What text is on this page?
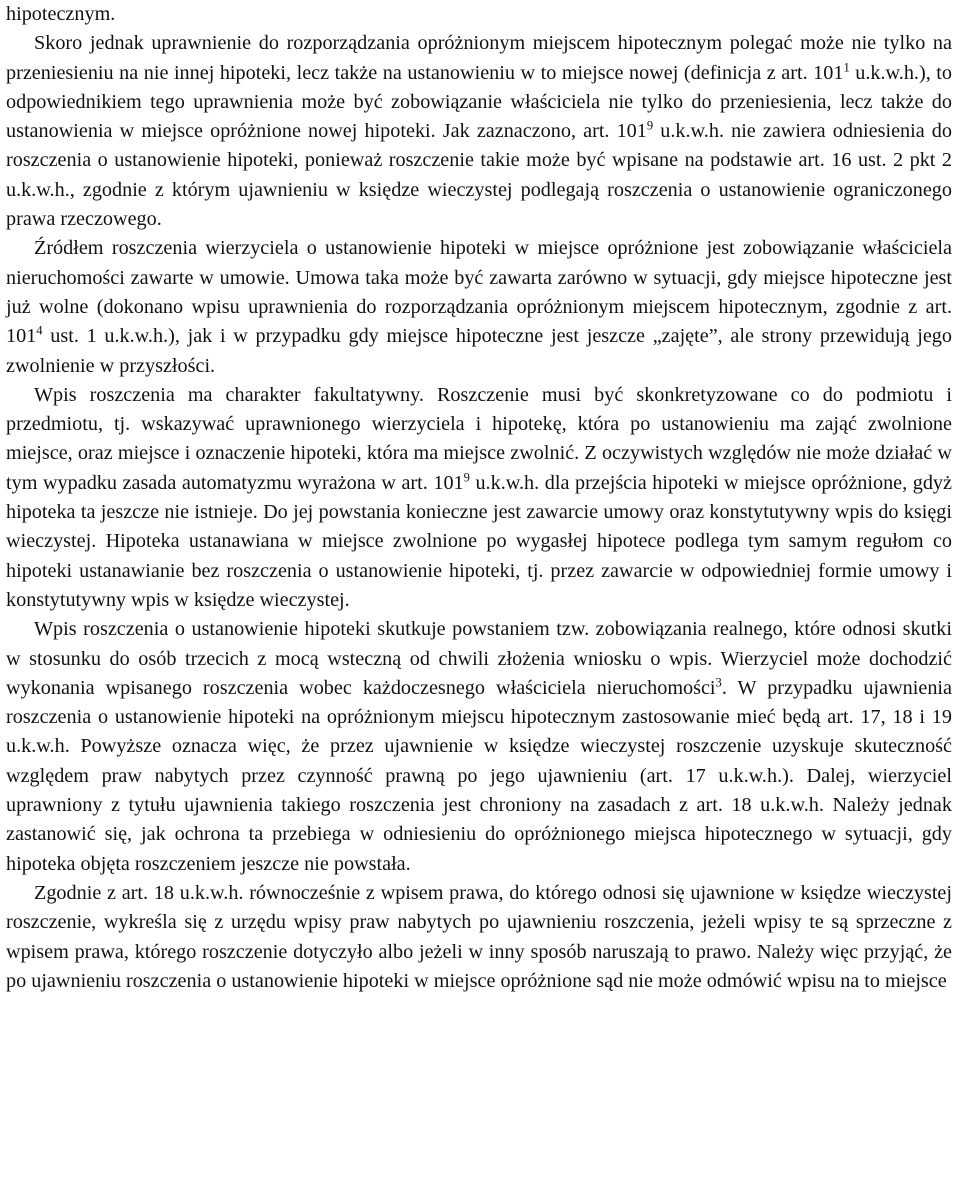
hipotecznym.

Skoro jednak uprawnienie do rozporządzania opróżnionym miejscem hipotecznym polegać może nie tylko na przeniesieniu na nie innej hipoteki, lecz także na ustanowieniu w to miejsce nowej (definicja z art. $101^1$ u.k.w.h.), to odpowiednikiem tego uprawnienia może być zobowiązanie właściciela nie tylko do przeniesienia, lecz także do ustanowienia w miejsce opróżnione nowej hipoteki. Jak zaznaczono, art. $101^9$ u.k.w.h. nie zawiera odniesienia do roszczenia o ustanowienie hipoteki, ponieważ roszczenie takie może być wpisane na podstawie art. 16 ust. 2 pkt 2 u.k.w.h., zgodnie z którym ujawnieniu w księdze wieczystej podlegają roszczenia o ustanowienie ograniczonego prawa rzeczowego.

Źródłem roszczenia wierzyciela o ustanowienie hipoteki w miejsce opróżnione jest zobowiązanie właściciela nieruchomości zawarte w umowie. Umowa taka może być zawarta zarówno w sytuacji, gdy miejsce hipoteczne jest już wolne (dokonano wpisu uprawnienia do rozporządzania opróżnionym miejscem hipotecznym, zgodnie z art. $101^4$ ust. 1 u.k.w.h.), jak i w przypadku gdy miejsce hipoteczne jest jeszcze „zajęte”, ale strony przewidują jego zwolnienie w przyszłości.

Wpis roszczenia ma charakter fakultatywny. Roszczenie musi być skonkretyzowane co do podmiotu i przedmiotu, tj. wskazywać uprawnionego wierzyciela i hipotekę, która po ustanowieniu ma zająć zwolnione miejsce, oraz miejsce i oznaczenie hipoteki, która ma miejsce zwolnić. Z oczywistych względów nie może działać w tym wypadku zasada automatyzmu wyrażona w art. $101^9$ u.k.w.h. dla przejścia hipoteki w miejsce opróżnione, gdyż hipoteka ta jeszcze nie istnieje. Do jej powstania konieczne jest zawarcie umowy oraz konstytutywny wpis do księgi wieczystej. Hipoteka ustanawiana w miejsce zwolnione po wygasłej hipotece podlega tym samym regułom co hipoteki ustanawianie bez roszczenia o ustanowienie hipoteki, tj. przez zawarcie w odpowiedniej formie umowy i konstytutywny wpis w księdze wieczystej.

Wpis roszczenia o ustanowienie hipoteki skutkuje powstaniem tzw. zobowiązania realnego, które odnosi skutki w stosunku do osób trzecich z mocą wsteczną od chwili złożenia wniosku o wpis. Wierzyciel może dochodzić wykonania wpisanego roszczenia wobec każdoczesnego właściciela nieruchomości$^3$. W przypadku ujawnienia roszczenia o ustanowienie hipoteki na opróżnionym miejscu hipotecznym zastosowanie mieć będą art. 17, 18 i 19 u.k.w.h. Powyższe oznacza więc, że przez ujawnienie w księdze wieczystej roszczenie uzyskuje skuteczność względem praw nabytych przez czynność prawną po jego ujawnieniu (art. 17 u.k.w.h.). Dalej, wierzyciel uprawniony z tytułu ujawnienia takiego roszczenia jest chroniony na zasadach z art. 18 u.k.w.h. Należy jednak zastanowić się, jak ochrona ta przebiega w odniesieniu do opróżnionego miejsca hipotecznego w sytuacji, gdy hipoteka objęta roszczeniem jeszcze nie powstała.

Zgodnie z art. 18 u.k.w.h. równocześnie z wpisem prawa, do którego odnosi się ujawnione w księdze wieczystej roszczenie, wykreśla się z urzędu wpisy praw nabytych po ujawnieniu roszczenia, jeżeli wpisy te są sprzeczne z wpisem prawa, którego roszczenie dotyczyło albo jeżeli w inny sposób naruszają to prawo. Należy więc przyjąć, że po ujawnieniu roszczenia o ustanowienie hipoteki w miejsce opróżnione sąd nie może odmówić wpisu na to miejsce
